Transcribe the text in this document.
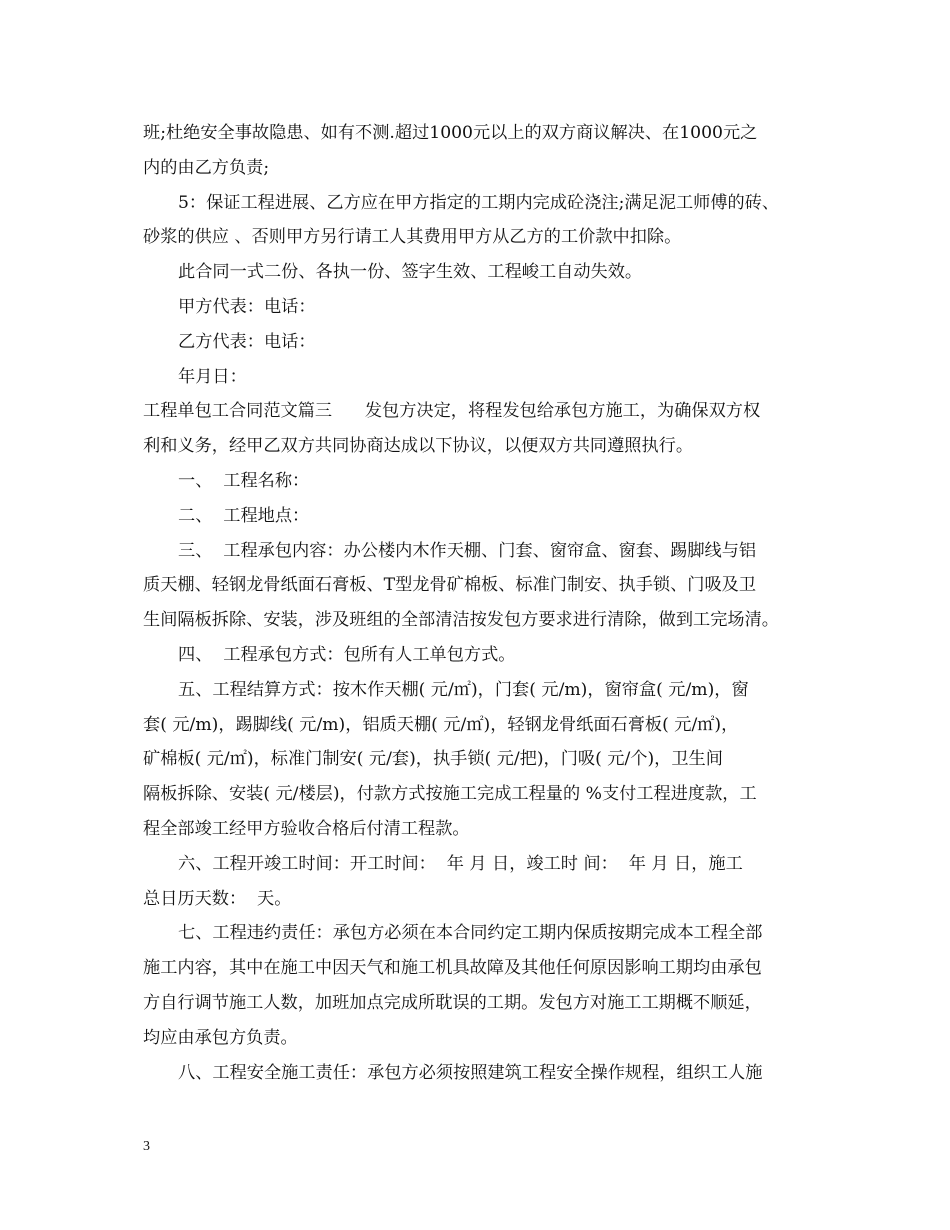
班;杜绝安全事故隐患、如有不测.超过1000元以上的双方商议解决、在1000元之
内的由乙方负责;
5：保证工程进展、乙方应在甲方指定的工期内完成砼浇注;满足泥工师傅的砖、
砂浆的供应 、否则甲方另行请工人其费用甲方从乙方的工价款中扣除。
此合同一式二份、各执一份、签字生效、工程峻工自动失效。
甲方代表：电话：
乙方代表：电话：
年月日：
工程单包工合同范文篇三      发包方决定，将程发包给承包方施工，为确保双方权
利和义务，经甲乙双方共同协商达成以下协议，以便双方共同遵照执行。
一、  工程名称：
二、  工程地点：
三、  工程承包内容：办公楼内木作天棚、门套、窗帘盒、窗套、踢脚线与铝
质天棚、轻钢龙骨纸面石膏板、T型龙骨矿棉板、标准门制安、执手锁、门吸及卫
生间隔板拆除、安装，涉及班组的全部清洁按发包方要求进行清除，做到工完场清。
四、  工程承包方式：包所有人工单包方式。
五、工程结算方式：按木作天棚( 元/㎡)，门套( 元/m)，窗帘盒( 元/m)，窗
套( 元/m)，踢脚线( 元/m)，铝质天棚( 元/㎡)，轻钢龙骨纸面石膏板( 元/㎡)，
矿棉板( 元/㎡)，标准门制安( 元/套)，执手锁( 元/把)，门吸( 元/个)，卫生间
隔板拆除、安装( 元/楼层)，付款方式按施工完成工程量的 %支付工程进度款，工
程全部竣工经甲方验收合格后付清工程款。
六、工程开竣工时间：开工时间：  年 月 日，竣工时 间：  年 月 日，施工
总日历天数：  天。
七、工程违约责任：承包方必须在本合同约定工期内保质按期完成本工程全部
施工内容，其中在施工中因天气和施工机具故障及其他任何原因影响工期均由承包
方自行调节施工人数，加班加点完成所耽误的工期。发包方对施工工期概不顺延，
均应由承包方负责。
八、工程安全施工责任：承包方必须按照建筑工程安全操作规程，组织工人施
3
